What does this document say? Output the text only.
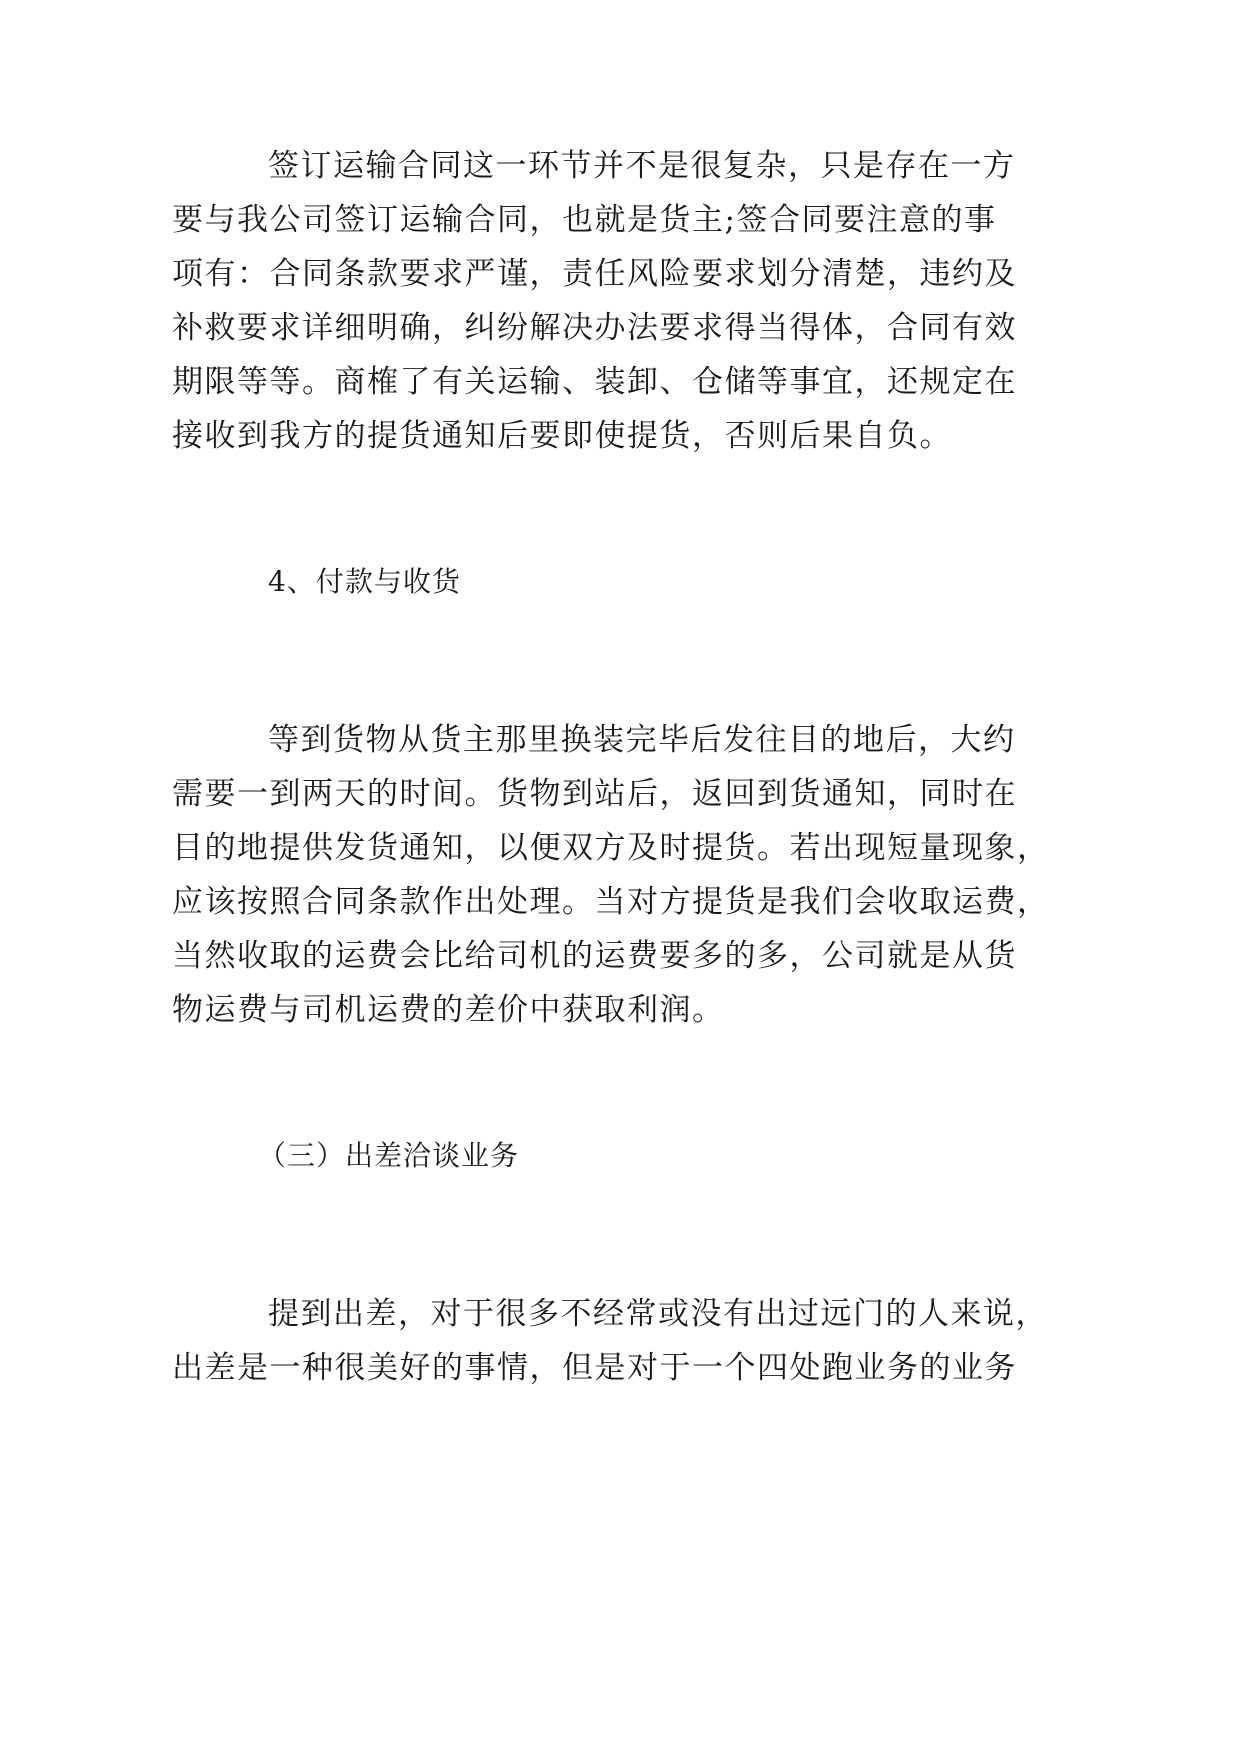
签订运输合同这一环节并不是很复杂，只是存在一方
要与我公司签订运输合同，也就是货主;签合同要注意的事
项有：合同条款要求严谨，责任风险要求划分清楚，违约及
补救要求详细明确，纠纷解决办法要求得当得体，合同有效
期限等等。商榷了有关运输、装卸、仓储等事宜，还规定在
接收到我方的提货通知后要即使提货，否则后果自负。
4、付款与收货
等到货物从货主那里换装完毕后发往目的地后，大约
需要一到两天的时间。货物到站后，返回到货通知，同时在
目的地提供发货通知，以便双方及时提货。若出现短量现象，
应该按照合同条款作出处理。当对方提货是我们会收取运费，
当然收取的运费会比给司机的运费要多的多，公司就是从货
物运费与司机运费的差价中获取利润。
（三）出差洽谈业务
提到出差，对于很多不经常或没有出过远门的人来说，
出差是一种很美好的事情，但是对于一个四处跑业务的业务
